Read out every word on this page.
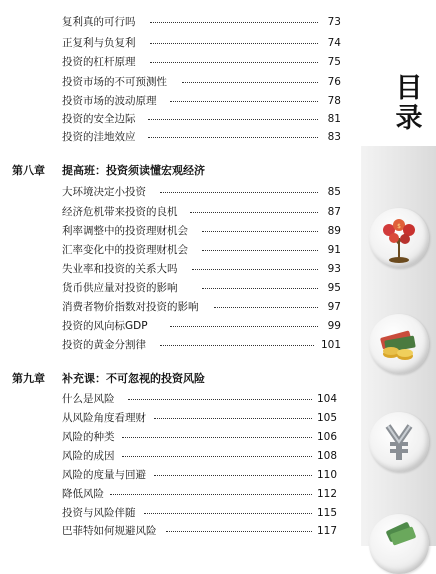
复利真的可行吗	73
正复利与负复利	74
投资的杠杆原理	75
投资市场的不可预测性	76
投资市场的波动原理	78
投资的安全边际	81
投资的洼地效应	83
第八章 提高班：投资须读懂宏观经济
大环境决定小投资	85
经济危机带来投资的良机	87
利率调整中的投资理财机会	89
汇率变化中的投资理财机会	91
失业率和投资的关系大吗	93
货币供应量对投资的影响	95
消费者物价指数对投资的影响	97
投资的风向标GDP	99
投资的黄金分割律	101
第九章 补充课：不可忽视的投资风险
什么是风险	104
从风险角度看理财	105
风险的种类	106
风险的成因	108
风险的度量与回避	110
降低风险	112
投资与风险伴随	115
巴菲特如何规避风险	117
目
录
$
